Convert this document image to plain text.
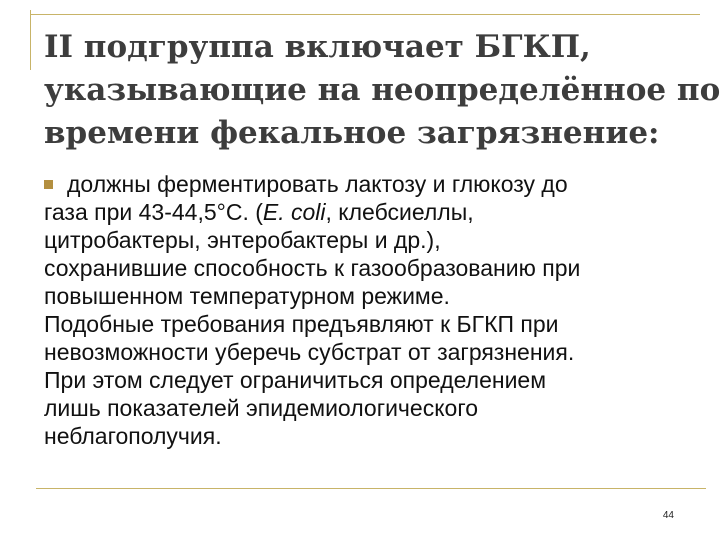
II подгруппа включает БГКП,
указывающие на неопределённое по
времени фекальное загрязнение:

должны ферментировать лактозу и глюкозу до
газа при 43-44,5°С. (E. coli, клебсиеллы,
цитробактеры, энтеробактеры и др.),
сохранившие способность к газообразованию при
повышенном температурном режиме.

Подобные требования предъявляют к БГКП при
невозможности уберечь субстрат от загрязнения.

При этом следует ограничиться определением
лишь показателей эпидемиологического
неблагополучия.

44
